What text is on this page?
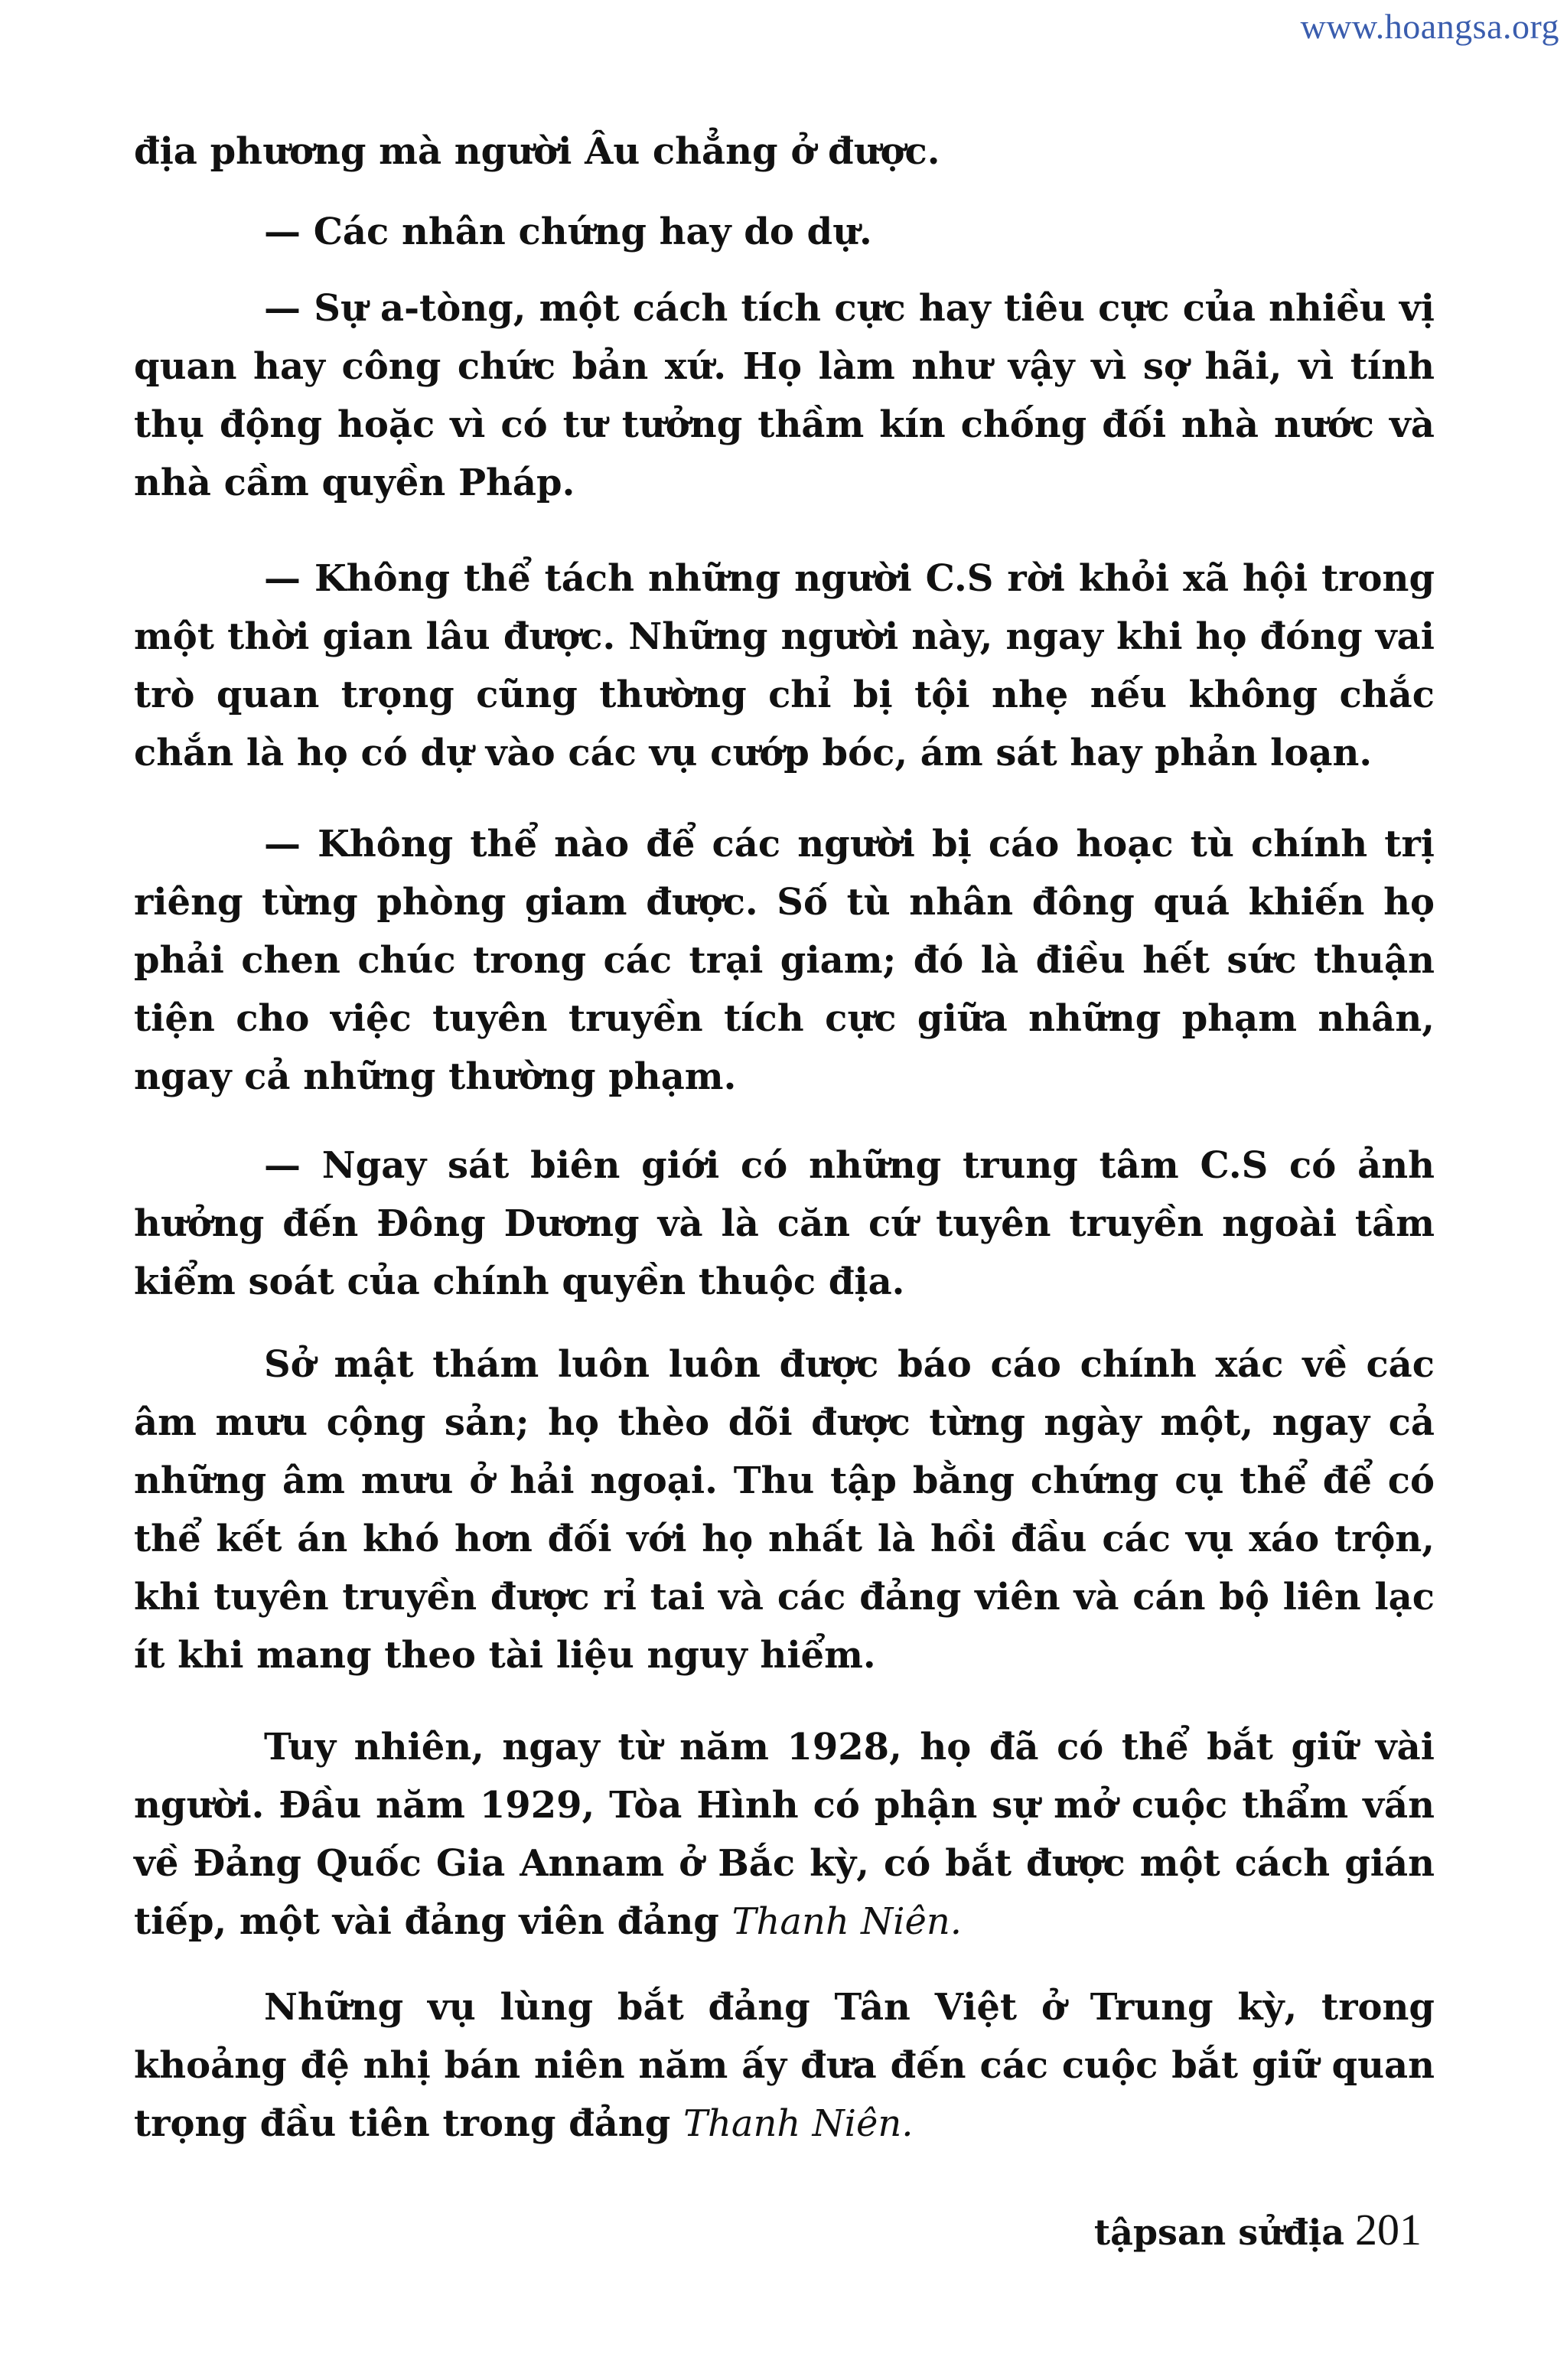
www.hoangsa.org

địa phương mà người Âu chẳng ở được.

— Các nhân chứng hay do dự.

— Sự a-tòng, một cách tích cực hay tiêu cực của nhiều vị quan hay công chức bản xứ. Họ làm như vậy vì sợ hãi, vì tính thụ động hoặc vì có tư tưởng thầm kín chống đối nhà nước và nhà cầm quyền Pháp.

— Không thể tách những người C.S rời khỏi xã hội trong một thời gian lâu được. Những người này, ngay khi họ đóng vai trò quan trọng cũng thường chỉ bị tội nhẹ nếu không chắc chắn là họ có dự vào các vụ cướp bóc, ám sát hay phản loạn.

— Không thể nào để các người bị cáo hoạc tù chính trị riêng từng phòng giam được. Số tù nhân đông quá khiến họ phải chen chúc trong các trại giam; đó là điều hết sức thuận tiện cho việc tuyên truyền tích cực giữa những phạm nhân, ngay cả những thường phạm.

— Ngay sát biên giới có những trung tâm C.S có ảnh hưởng đến Đông Dương và là căn cứ tuyên truyền ngoài tầm kiểm soát của chính quyền thuộc địa.

Sở mật thám luôn luôn được báo cáo chính xác về các âm mưu cộng sản; họ thèo dõi được từng ngày một, ngay cả những âm mưu ở hải ngoại. Thu tập bằng chứng cụ thể để có thể kết án khó hơn đối với họ nhất là hồi đầu các vụ xáo trộn, khi tuyên truyền được rỉ tai và các đảng viên và cán bộ liên lạc ít khi mang theo tài liệu nguy hiểm.

Tuy nhiên, ngay từ năm 1928, họ đã có thể bắt giữ vài người. Đầu năm 1929, Tòa Hình có phận sự mở cuộc thẩm vấn về Đảng Quốc Gia Annam ở Bắc kỳ, có bắt được một cách gián tiếp, một vài đảng viên đảng Thanh Niên.

Những vụ lùng bắt đảng Tân Việt ở Trung kỳ, trong khoảng đệ nhị bán niên năm ấy đưa đến các cuộc bắt giữ quan trọng đầu tiên trong đảng Thanh Niên.

tậpsan sửđịa 201
